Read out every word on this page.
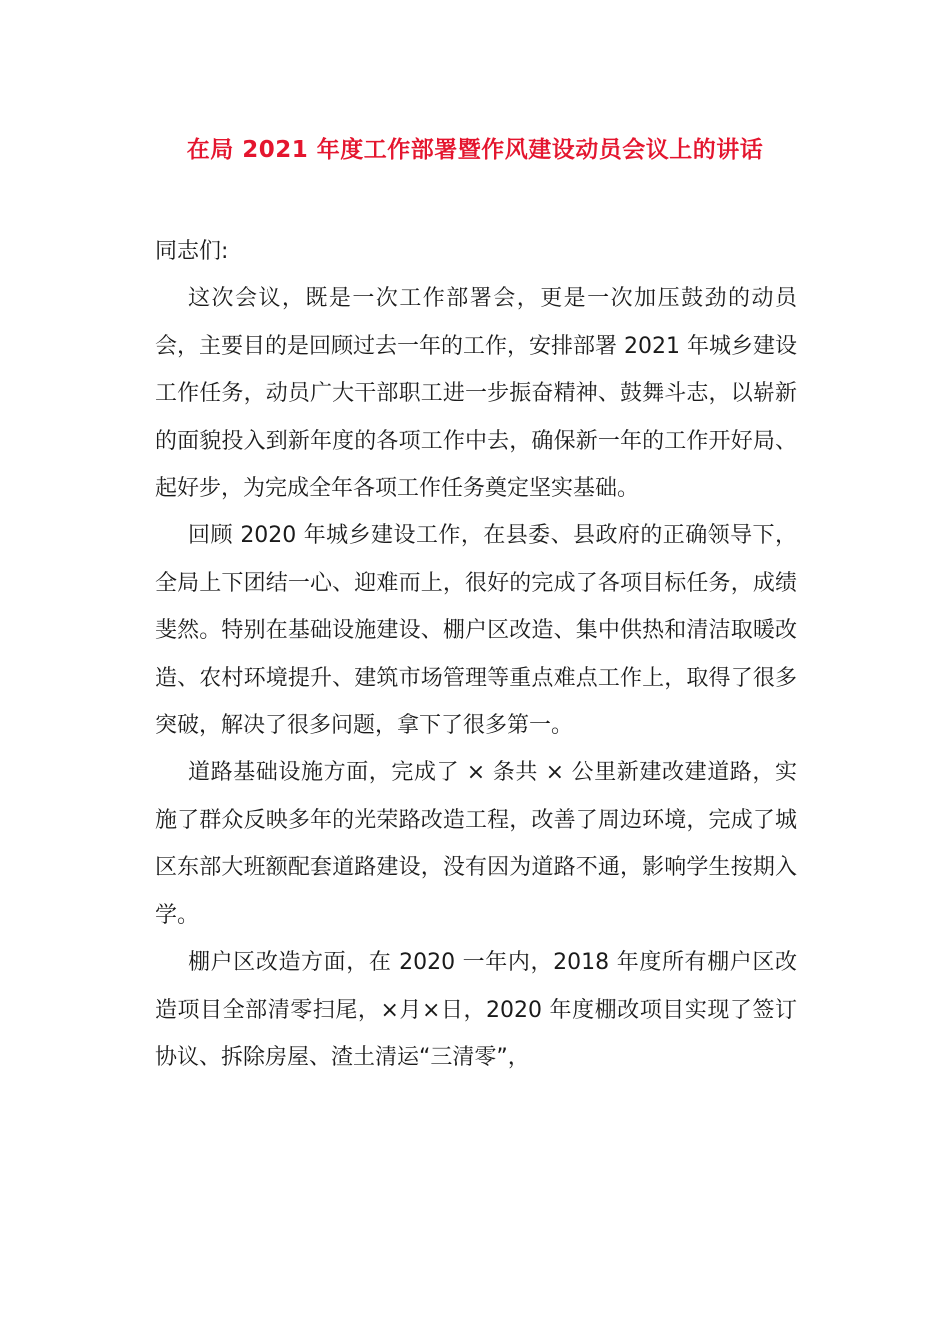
在局 2021 年度工作部署暨作风建设动员会议上的讲话

同志们:

这次会议，既是一次工作部署会，更是一次加压鼓劲的动员会，主要目的是回顾过去一年的工作，安排部署 2021 年城乡建设工作任务，动员广大干部职工进一步振奋精神、鼓舞斗志，以崭新的面貌投入到新年度的各项工作中去，确保新一年的工作开好局、起好步，为完成全年各项工作任务奠定坚实基础。

回顾 2020 年城乡建设工作，在县委、县政府的正确领导下，全局上下团结一心、迎难而上，很好的完成了各项目标任务，成绩斐然。特别在基础设施建设、棚户区改造、集中供热和清洁取暖改造、农村环境提升、建筑市场管理等重点难点工作上，取得了很多突破，解决了很多问题，拿下了很多第一。

道路基础设施方面，完成了 × 条共 × 公里新建改建道路，实施了群众反映多年的光荣路改造工程，改善了周边环境，完成了城区东部大班额配套道路建设，没有因为道路不通，影响学生按期入学。

棚户区改造方面，在 2020 一年内，2018 年度所有棚户区改造项目全部清零扫尾，×月×日，2020 年度棚改项目实现了签订协议、拆除房屋、渣土清运“三清零”，
